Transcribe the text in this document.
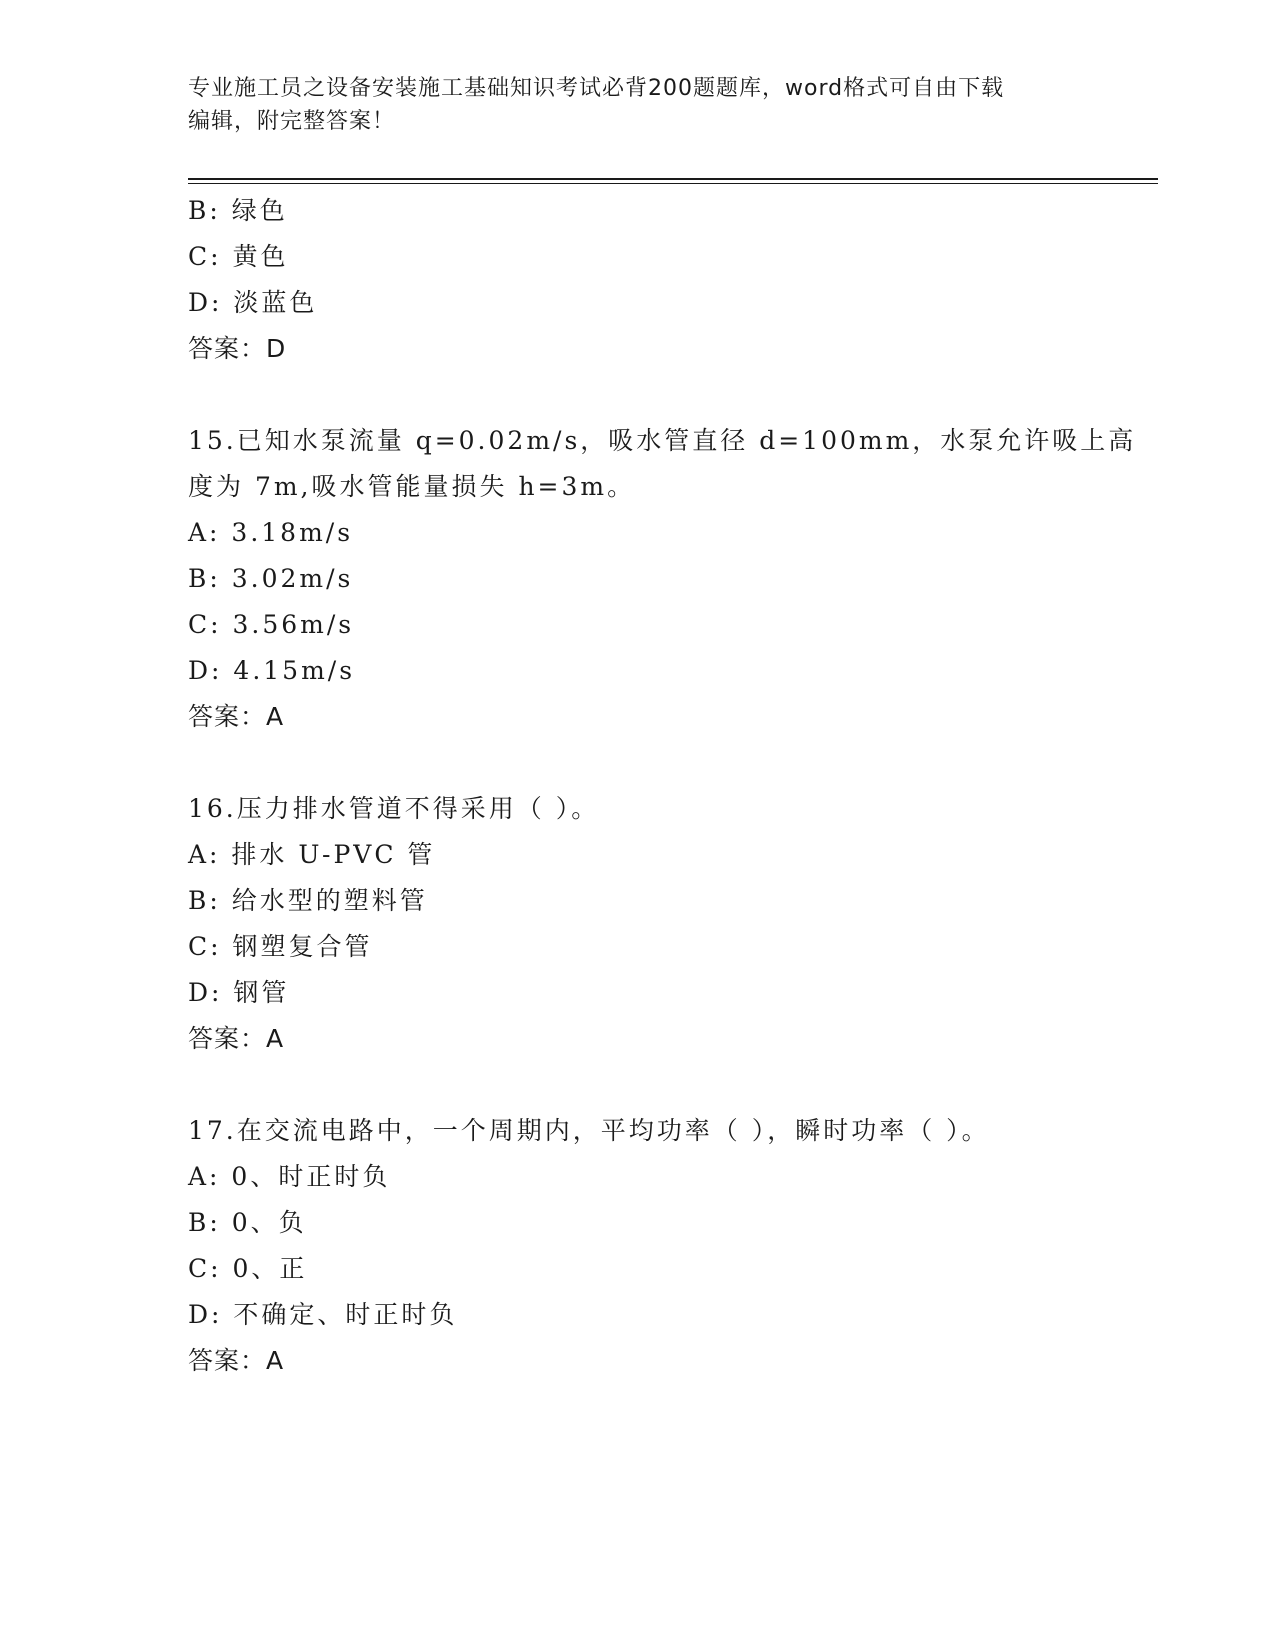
专业施工员之设备安装施工基础知识考试必背200题题库，word格式可自由下载
编辑，附完整答案！
B: 绿色
C: 黄色
D: 淡蓝色
答案：D
15.已知水泵流量 q=0.02m/s，吸水管直径 d=100mm，水泵允许吸上高
度为 7m,吸水管能量损失 h=3m。
A: 3.18m/s
B: 3.02m/s
C: 3.56m/s
D: 4.15m/s
答案：A
16.压力排水管道不得采用（ ）。
A: 排水 U-PVC 管
B: 给水型的塑料管
C: 钢塑复合管
D: 钢管
答案：A
17.在交流电路中，一个周期内，平均功率（ ），瞬时功率（ ）。
A: 0、时正时负
B: 0、负
C: 0、正
D: 不确定、时正时负
答案：A
